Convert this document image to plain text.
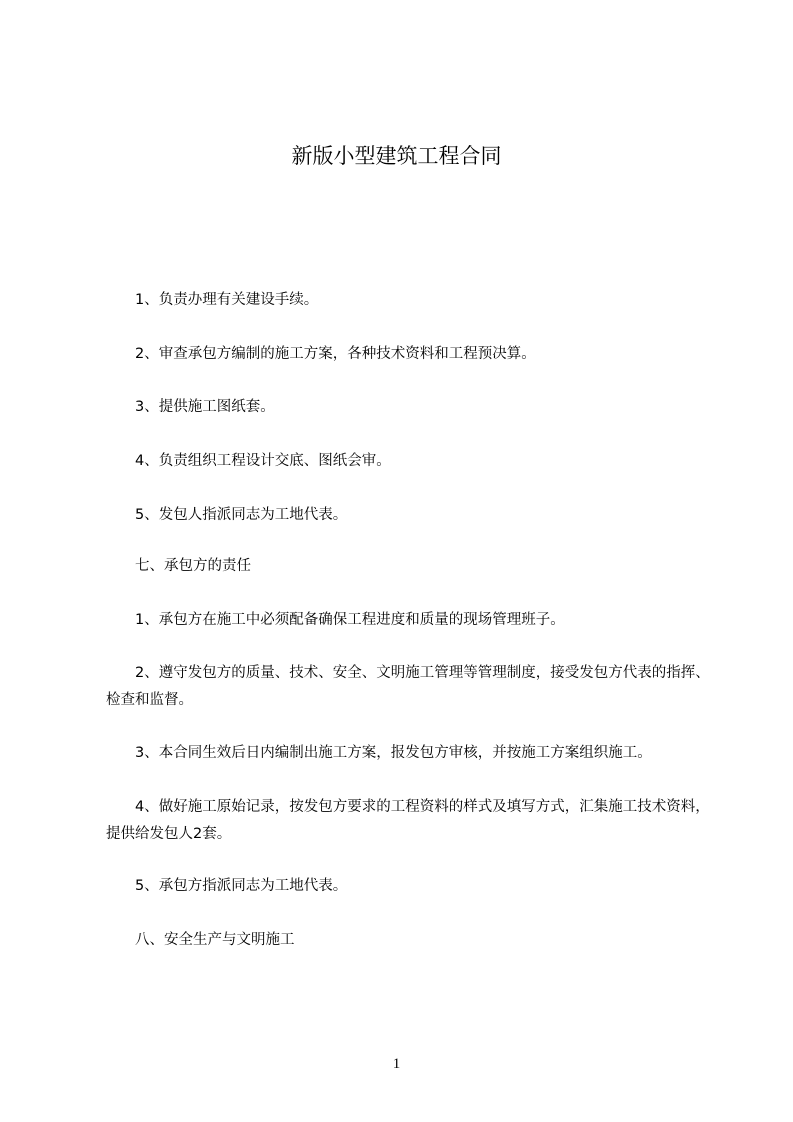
新版小型建筑工程合同
1、负责办理有关建设手续。
2、审查承包方编制的施工方案，各种技术资料和工程预决算。
3、提供施工图纸套。
4、负责组织工程设计交底、图纸会审。
5、发包人指派同志为工地代表。
七、承包方的责任
1、承包方在施工中必须配备确保工程进度和质量的现场管理班子。
2、遵守发包方的质量、技术、安全、文明施工管理等管理制度，接受发包方代表的指挥、检查和监督。
3、本合同生效后日内编制出施工方案，报发包方审核，并按施工方案组织施工。
4、做好施工原始记录，按发包方要求的工程资料的样式及填写方式，汇集施工技术资料，提供给发包人2套。
5、承包方指派同志为工地代表。
八、安全生产与文明施工
1
